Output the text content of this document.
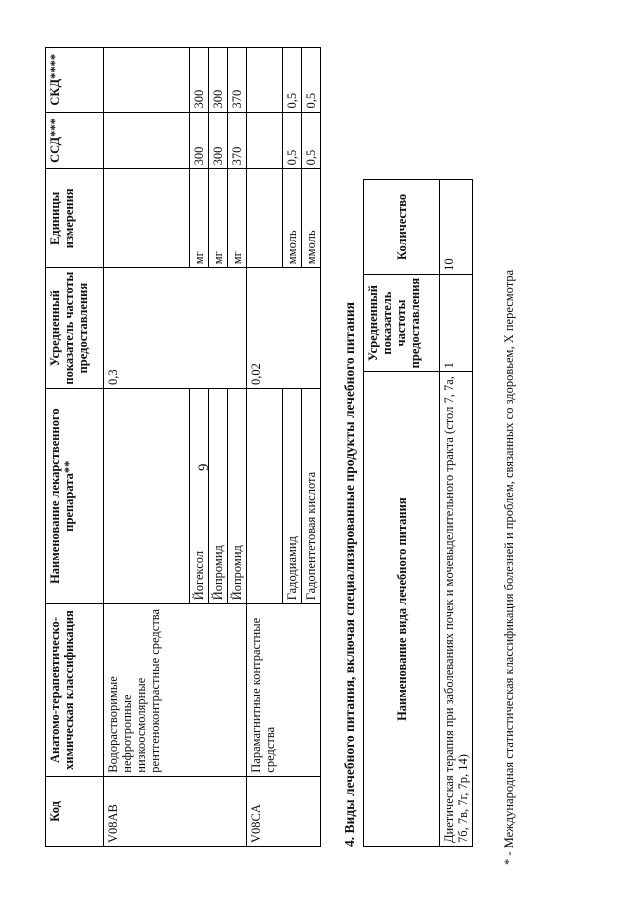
9
Код	Анатомо-терапевтическо-химическая классификация	Наименование лекарственного препарата**	Усредненный показатель частоты предоставления	Единицы измерения	ССД***	СКД****
V08AB	Водорастворимые нефротропные низкоосмолярные рентгеноконтрастные средства		0,3			
		Йогексол		мг	300	300
		Йопромид		мг	300	300
		Йопромид		мг	370	370
V08CA	Парамагнитные контрастные средства		0,02			
		Гадодиамид		ммоль	0,5	0,5
		Гадопентетовая кислота		ммоль	0,5	0,5
4. Виды лечебного питания, включая специализированные продукты лечебного питания	Наименование вида лечебного питания	Усредненный показатель частоты предоставления	Количество
Диетическая терапия при заболеваниях почек и мочевыделительного тракта (стол 7, 7а, 7б, 7в, 7г, 7р, 14)	1	10
* - Международная статистическая классификация болезней и проблем, связанных со здоровьем, X пересмотра
